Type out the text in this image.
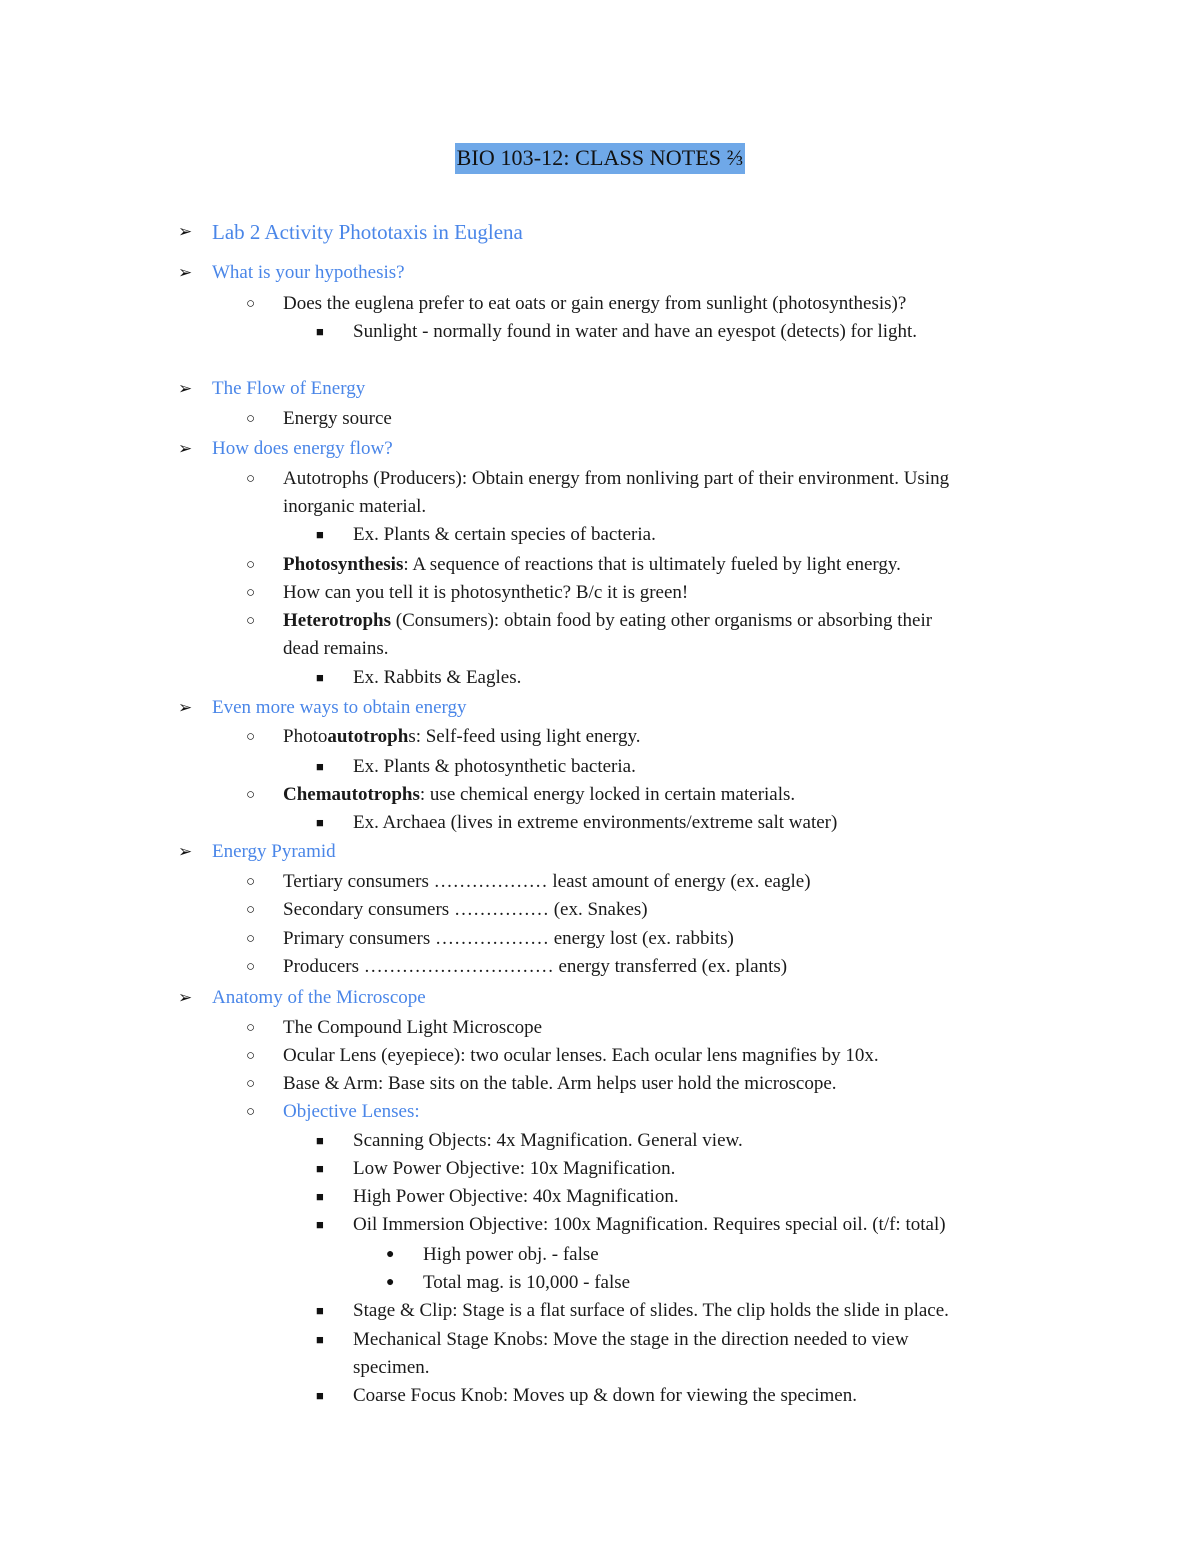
BIO 103-12: CLASS NOTES ⅔
➢ Lab 2 Activity Phototaxis in Euglena
➢ What is your hypothesis?
○ Does the euglena prefer to eat oats or gain energy from sunlight (photosynthesis)?
■ Sunlight - normally found in water and have an eyespot (detects) for light.
➢ The Flow of Energy
○ Energy source
➢ How does energy flow?
○ Autotrophs (Producers): Obtain energy from nonliving part of their environment. Using
inorganic material.
■ Ex. Plants & certain species of bacteria.
○ Photosynthesis: A sequence of reactions that is ultimately fueled by light energy.
○ How can you tell it is photosynthetic? B/c it is green!
○ Heterotrophs (Consumers): obtain food by eating other organisms or absorbing their
dead remains.
■ Ex. Rabbits & Eagles.
➢ Even more ways to obtain energy
○ Photoautotrophs: Self-feed using light energy.
■ Ex. Plants & photosynthetic bacteria.
○ Chemautotrophs: use chemical energy locked in certain materials.
■ Ex. Archaea (lives in extreme environments/extreme salt water)
➢ Energy Pyramid
○ Tertiary consumers ……………… least amount of energy (ex. eagle)
○ Secondary consumers …………… (ex. Snakes)
○ Primary consumers ……………… energy lost (ex. rabbits)
○ Producers ………………………… energy transferred (ex. plants)
➢ Anatomy of the Microscope
○ The Compound Light Microscope
○ Ocular Lens (eyepiece): two ocular lenses. Each ocular lens magnifies by 10x.
○ Base & Arm: Base sits on the table. Arm helps user hold the microscope.
○ Objective Lenses:
■ Scanning Objects: 4x Magnification. General view.
■ Low Power Objective: 10x Magnification.
■ High Power Objective: 40x Magnification.
■ Oil Immersion Objective: 100x Magnification. Requires special oil. (t/f: total)
● High power obj. - false
● Total mag. is 10,000 - false
■ Stage & Clip: Stage is a flat surface of slides. The clip holds the slide in place.
■ Mechanical Stage Knobs: Move the stage in the direction needed to view
specimen.
■ Coarse Focus Knob: Moves up & down for viewing the specimen.
